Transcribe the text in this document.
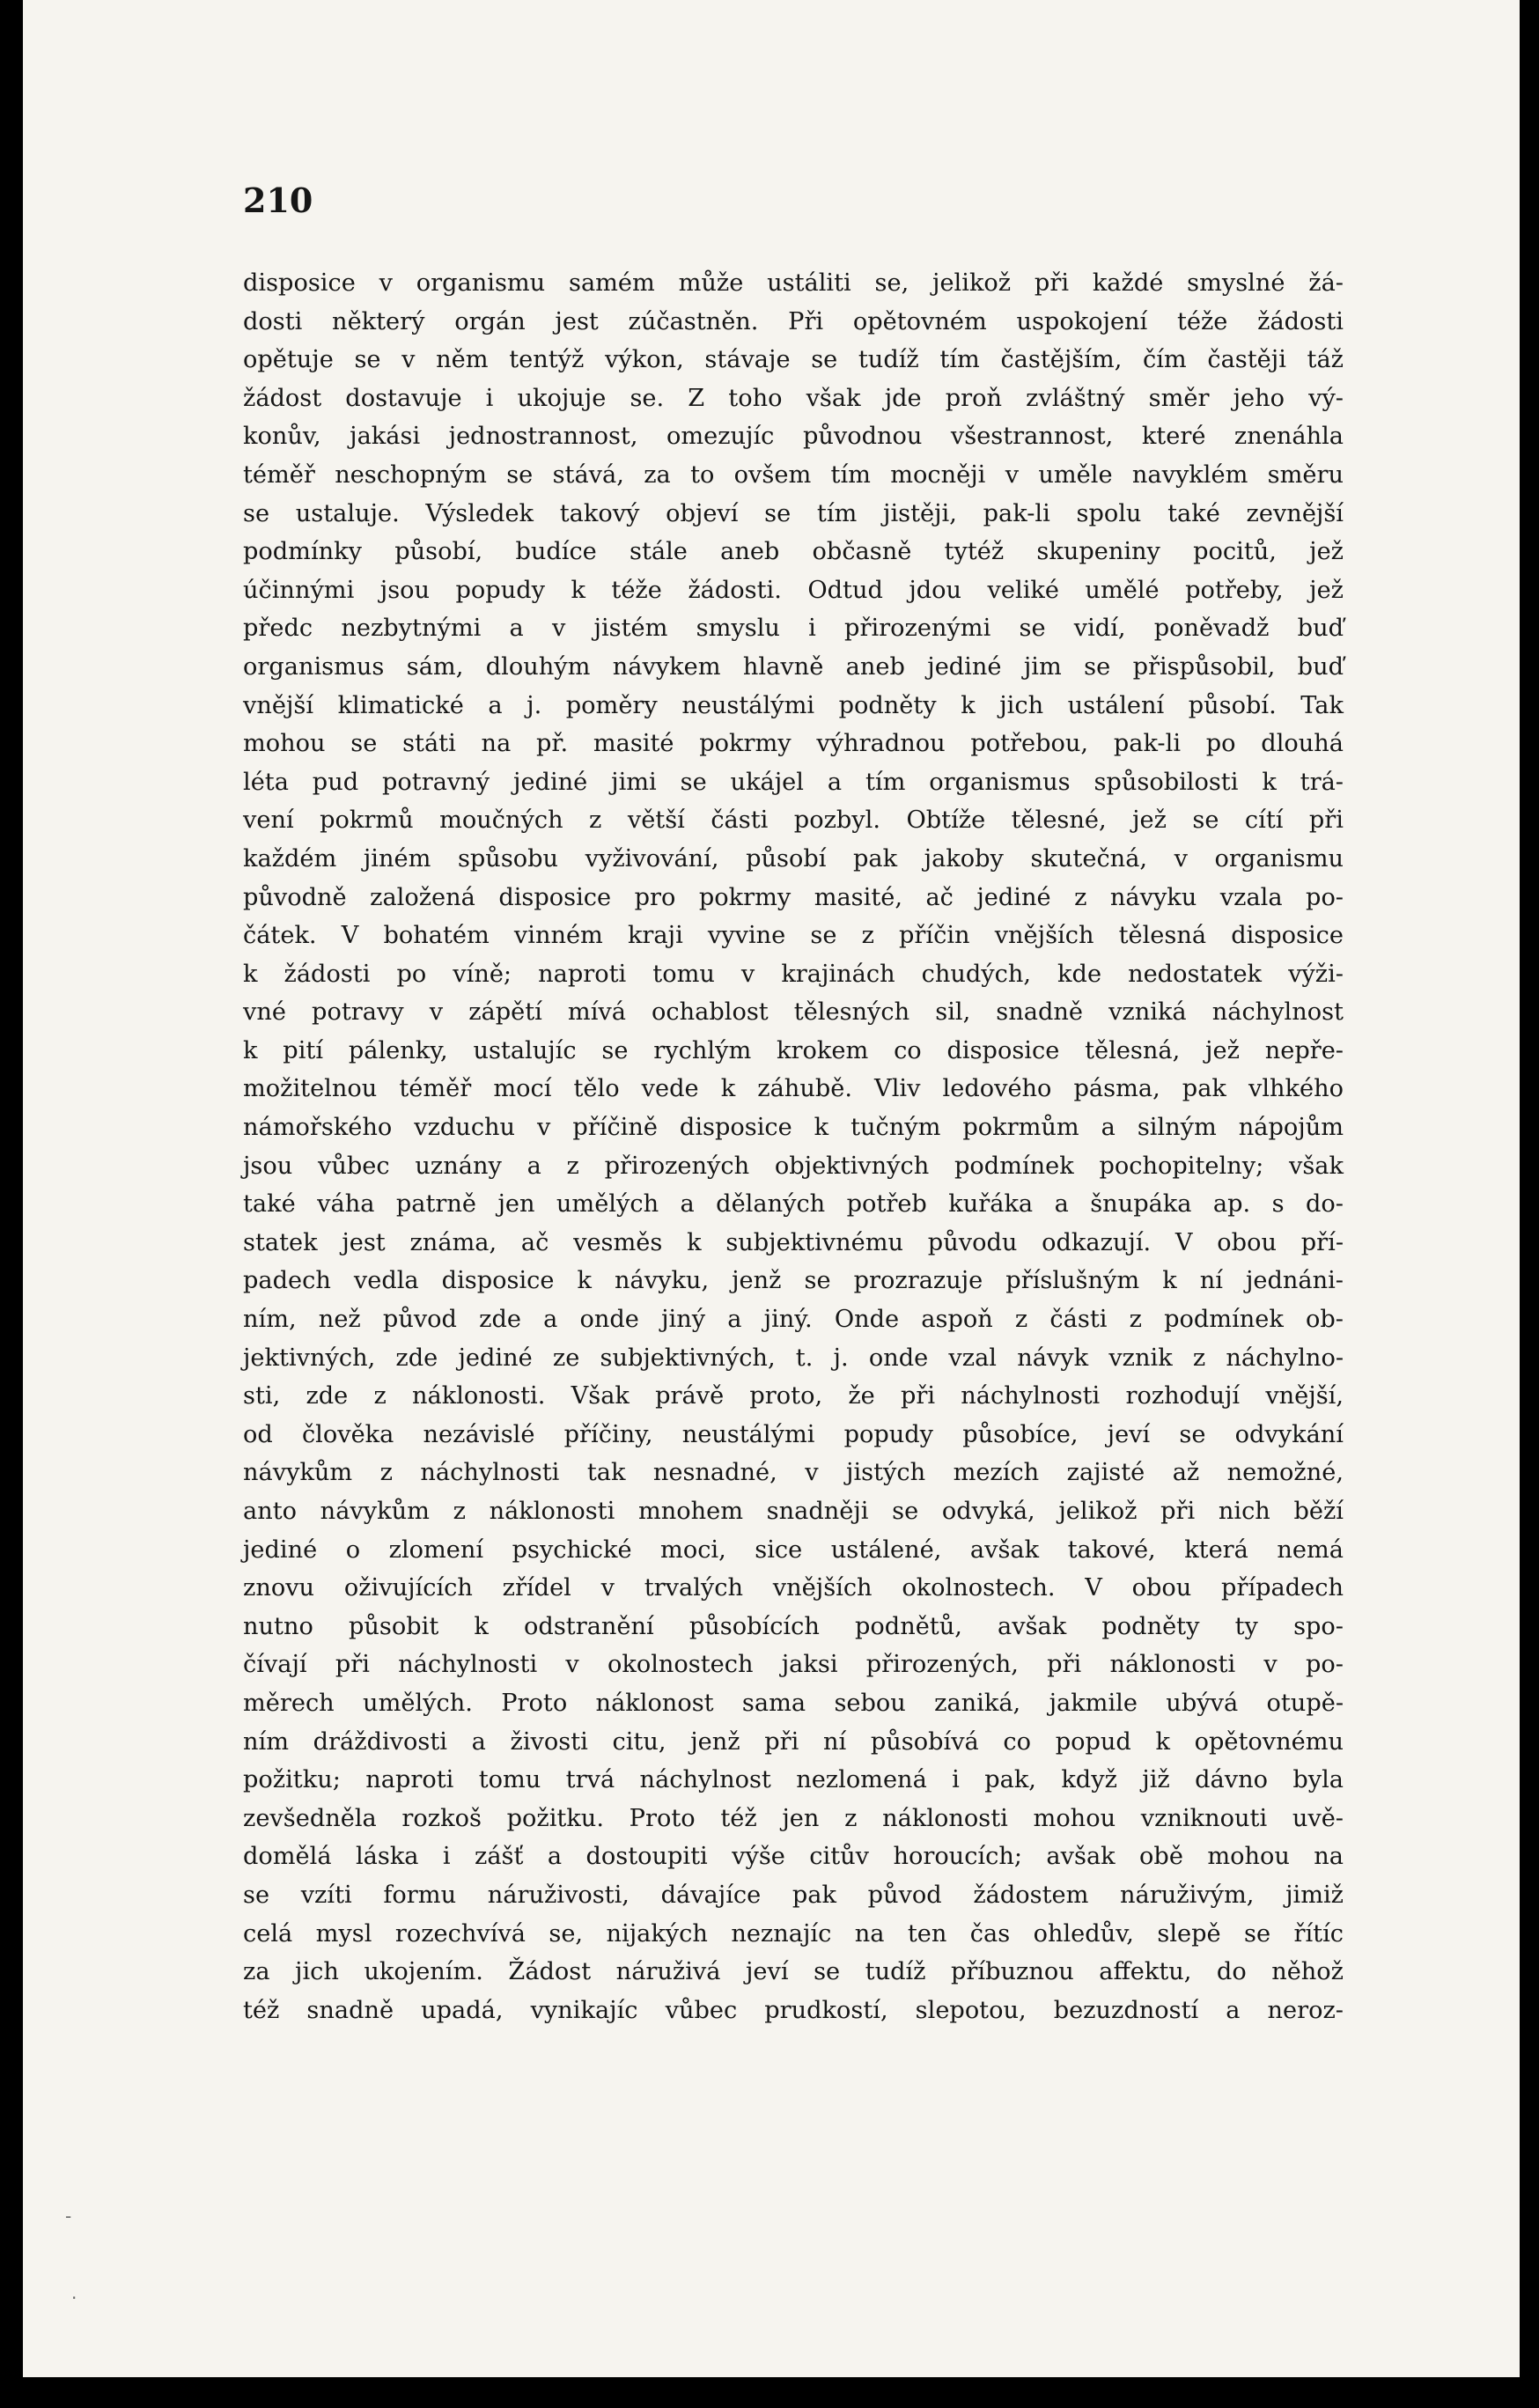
210
disposice v organismu samém může ustáliti se, jelikož při každé smyslné žá-
dosti některý orgán jest zúčastněn. Při opětovném uspokojení téže žádosti
opětuje se v něm tentýž výkon, stávaje se tudíž tím častějším, čím častěji táž
žádost dostavuje i ukojuje se. Z toho však jde proň zvláštný směr jeho vý-
konův, jakási jednostrannost, omezujíc původnou všestrannost, které znenáhla
téměř neschopným se stává, za to ovšem tím mocněji v uměle navyklém směru
se ustaluje. Výsledek takový objeví se tím jistěji, pak-li spolu také zevnější
podmínky působí, budíce stále aneb občasně tytéž skupeniny pocitů, jež
účinnými jsou popudy k téže žádosti. Odtud jdou veliké umělé potřeby, jež
předc nezbytnými a v jistém smyslu i přirozenými se vidí, poněvadž buď
organismus sám, dlouhým návykem hlavně aneb jediné jim se přispůsobil, buď
vnější klimatické a j. poměry neustálými podněty k jich ustálení působí. Tak
mohou se státi na př. masité pokrmy výhradnou potřebou, pak-li po dlouhá
léta pud potravný jediné jimi se ukájel a tím organismus spůsobilosti k trá-
vení pokrmů moučných z větší části pozbyl. Obtíže tělesné, jež se cítí při
každém jiném spůsobu vyživování, působí pak jakoby skutečná, v organismu
původně založená disposice pro pokrmy masité, ač jediné z návyku vzala po-
čátek. V bohatém vinném kraji vyvine se z příčin vnějších tělesná disposice
k žádosti po víně; naproti tomu v krajinách chudých, kde nedostatek výži-
vné potravy v zápětí mívá ochablost tělesných sil, snadně vzniká náchylnost
k pití pálenky, ustalujíc se rychlým krokem co disposice tělesná, jež nepře-
možitelnou téměř mocí tělo vede k záhubě. Vliv ledového pásma, pak vlhkého
námořského vzduchu v příčině disposice k tučným pokrmům a silným nápojům
jsou vůbec uznány a z přirozených objektivných podmínek pochopitelny; však
také váha patrně jen umělých a dělaných potřeb kuřáka a šnupáka ap. s do-
statek jest známa, ač vesměs k subjektivnému původu odkazují. V obou pří-
padech vedla disposice k návyku, jenž se prozrazuje příslušným k ní jednáni-
ním, než původ zde a onde jiný a jiný. Onde aspoň z části z podmínek ob-
jektivných, zde jediné ze subjektivných, t. j. onde vzal návyk vznik z náchylno-
sti, zde z náklonosti. Však právě proto, že při náchylnosti rozhodují vnější,
od člověka nezávislé příčiny, neustálými popudy působíce, jeví se odvykání
návykům z náchylnosti tak nesnadné, v jistých mezích zajisté až nemožné,
anto návykům z náklonosti mnohem snadněji se odvyká, jelikož při nich běží
jediné o zlomení psychické moci, sice ustálené, avšak takové, která nemá
znovu oživujících zřídel v trvalých vnějších okolnostech. V obou případech
nutno působit k odstranění působících podnětů, avšak podněty ty spo-
čívají při náchylnosti v okolnostech jaksi přirozených, při náklonosti v po-
měrech umělých. Proto náklonost sama sebou zaniká, jakmile ubývá otupě-
ním dráždivosti a živosti citu, jenž při ní působívá co popud k opětovnému
požitku; naproti tomu trvá náchylnost nezlomená i pak, když již dávno byla
zevšedněla rozkoš požitku. Proto též jen z náklonosti mohou vzniknouti uvě-
domělá láska i zášť a dostoupiti výše citův horoucích; avšak obě mohou na
se vzíti formu náruživosti, dávajíce pak původ žádostem náruživým, jimiž
celá mysl rozechvívá se, nijakých neznajíc na ten čas ohledův, slepě se řítíc
za jich ukojením. Žádost náruživá jeví se tudíž příbuznou affektu, do něhož
též snadně upadá, vynikajíc vůbec prudkostí, slepotou, bezuzdností a neroz-
-
·
